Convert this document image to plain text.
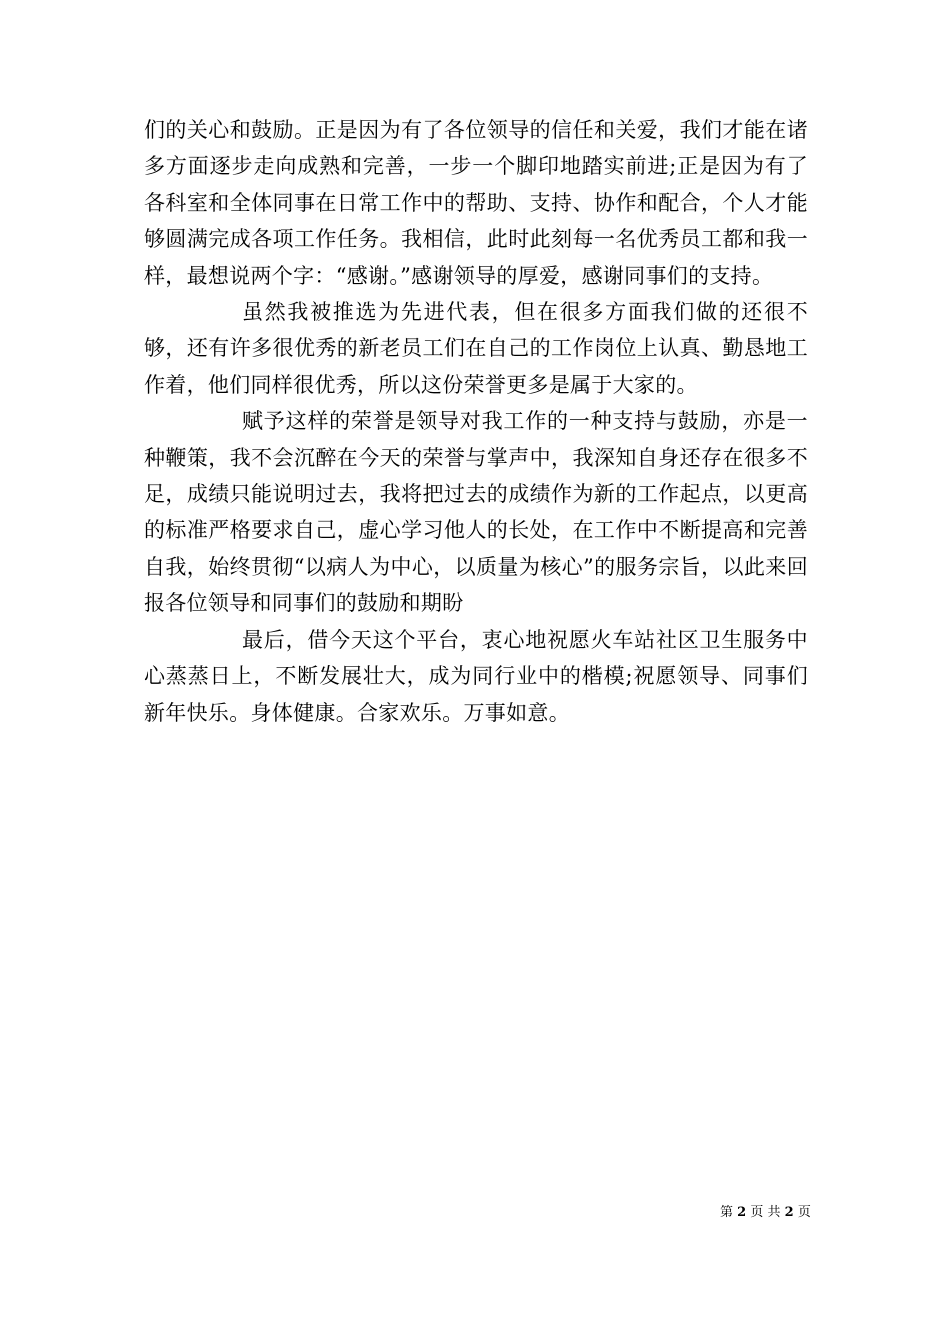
们的关心和鼓励。正是因为有了各位领导的信任和关爱，我们才能在诸多方面逐步走向成熟和完善，一步一个脚印地踏实前进;正是因为有了各科室和全体同事在日常工作中的帮助、支持、协作和配合，个人才能够圆满完成各项工作任务。我相信，此时此刻每一名优秀员工都和我一样，最想说两个字：“感谢。”感谢领导的厚爱，感谢同事们的支持。

虽然我被推选为先进代表，但在很多方面我们做的还很不够，还有许多很优秀的新老员工们在自己的工作岗位上认真、勤恳地工作着，他们同样很优秀，所以这份荣誉更多是属于大家的。

赋予这样的荣誉是领导对我工作的一种支持与鼓励，亦是一种鞭策，我不会沉醉在今天的荣誉与掌声中，我深知自身还存在很多不足，成绩只能说明过去，我将把过去的成绩作为新的工作起点，以更高的标准严格要求自己，虚心学习他人的长处，在工作中不断提高和完善自我，始终贯彻“以病人为中心，以质量为核心”的服务宗旨，以此来回报各位领导和同事们的鼓励和期盼

最后，借今天这个平台，衷心地祝愿火车站社区卫生服务中心蒸蒸日上，不断发展壮大，成为同行业中的楷模;祝愿领导、同事们新年快乐。身体健康。合家欢乐。万事如意。

第 2 页 共 2 页
